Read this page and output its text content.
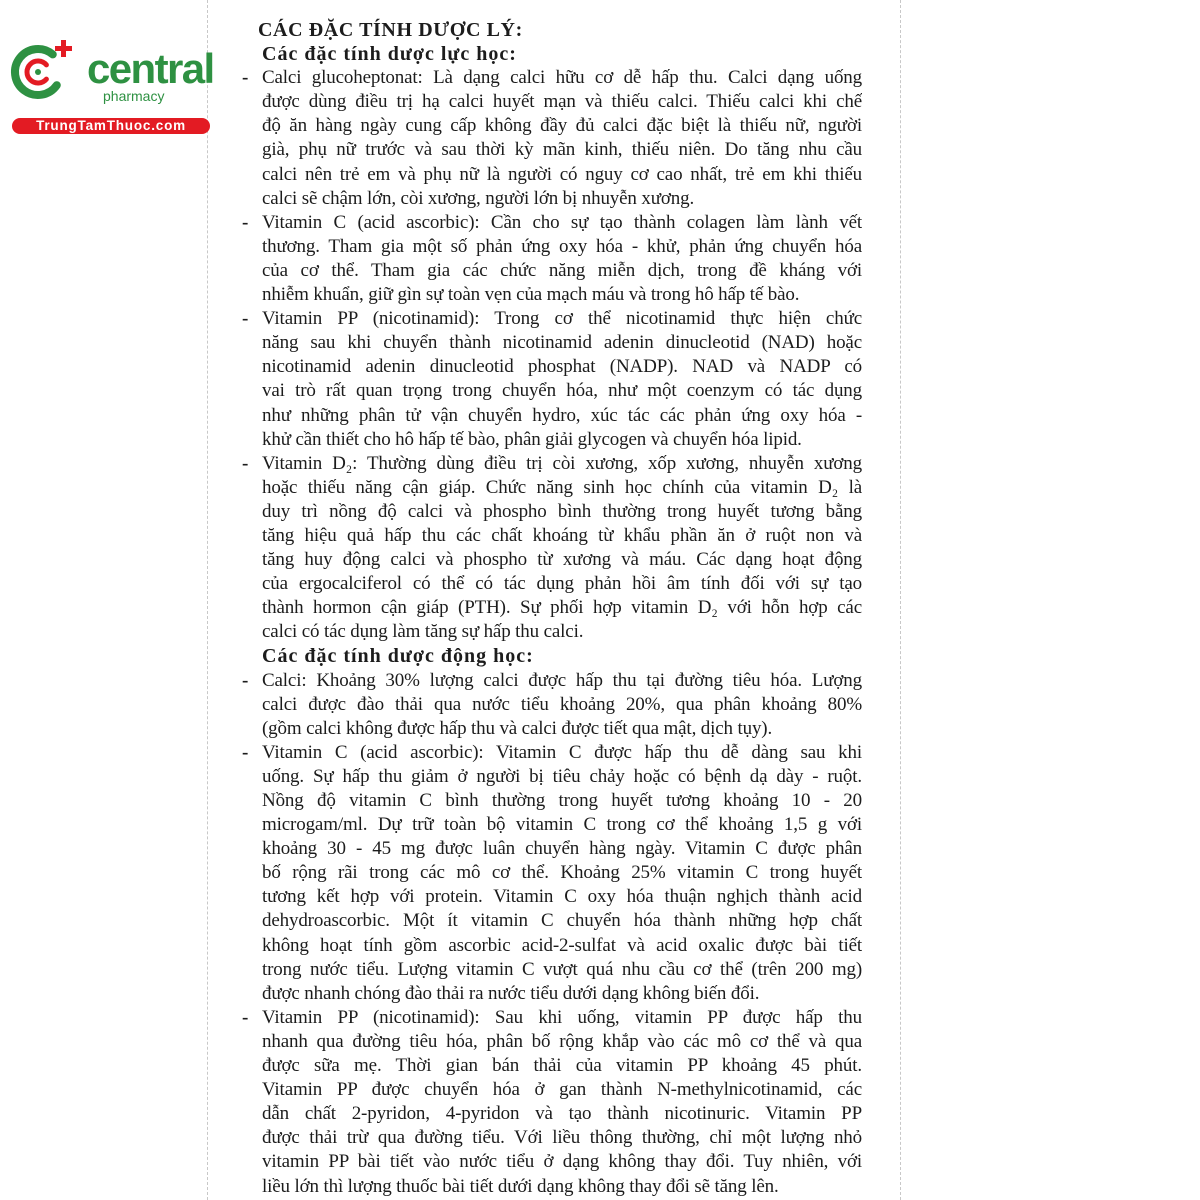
central
pharmacy
TrungTamThuoc.com
CÁC ĐẶC TÍNH DƯỢC LÝ:
Các đặc tính dược lực học:
- Calci glucoheptonat: Là dạng calci hữu cơ dễ hấp thu. Calci dạng uống
được dùng điều trị hạ calci huyết mạn và thiếu calci. Thiếu calci khi chế
độ ăn hàng ngày cung cấp không đầy đủ calci đặc biệt là thiếu nữ, người
già, phụ nữ trước và sau thời kỳ mãn kinh, thiếu niên. Do tăng nhu cầu
calci nên trẻ em và phụ nữ là người có nguy cơ cao nhất, trẻ em khi thiếu
calci sẽ chậm lớn, còi xương, người lớn bị nhuyễn xương.
- Vitamin C (acid ascorbic): Cần cho sự tạo thành colagen làm lành vết
thương. Tham gia một số phản ứng oxy hóa - khử, phản ứng chuyển hóa
của cơ thể. Tham gia các chức năng miễn dịch, trong đề kháng với
nhiễm khuẩn, giữ gìn sự toàn vẹn của mạch máu và trong hô hấp tế bào.
- Vitamin PP (nicotinamid): Trong cơ thể nicotinamid thực hiện chức
năng sau khi chuyển thành nicotinamid adenin dinucleotid (NAD) hoặc
nicotinamid adenin dinucleotid phosphat (NADP). NAD và NADP có
vai trò rất quan trọng trong chuyển hóa, như một coenzym có tác dụng
như những phân tử vận chuyển hydro, xúc tác các phản ứng oxy hóa -
khử cần thiết cho hô hấp tế bào, phân giải glycogen và chuyển hóa lipid.
- Vitamin D₂: Thường dùng điều trị còi xương, xốp xương, nhuyễn xương
hoặc thiếu năng cận giáp. Chức năng sinh học chính của vitamin D₂ là
duy trì nồng độ calci và phospho bình thường trong huyết tương bằng
tăng hiệu quả hấp thu các chất khoáng từ khẩu phần ăn ở ruột non và
tăng huy động calci và phospho từ xương và máu. Các dạng hoạt động
của ergocalciferol có thể có tác dụng phản hồi âm tính đối với sự tạo
thành hormon cận giáp (PTH). Sự phối hợp vitamin D₂ với hỗn hợp các
calci có tác dụng làm tăng sự hấp thu calci.
Các đặc tính dược động học:
- Calci: Khoảng 30% lượng calci được hấp thu tại đường tiêu hóa. Lượng
calci được đào thải qua nước tiểu khoảng 20%, qua phân khoảng 80%
(gồm calci không được hấp thu và calci được tiết qua mật, dịch tụy).
- Vitamin C (acid ascorbic): Vitamin C được hấp thu dễ dàng sau khi
uống. Sự hấp thu giảm ở người bị tiêu chảy hoặc có bệnh dạ dày - ruột.
Nồng độ vitamin C bình thường trong huyết tương khoảng 10 - 20
microgam/ml. Dự trữ toàn bộ vitamin C trong cơ thể khoảng 1,5 g với
khoảng 30 - 45 mg được luân chuyển hàng ngày. Vitamin C được phân
bố rộng rãi trong các mô cơ thể. Khoảng 25% vitamin C trong huyết
tương kết hợp với protein. Vitamin C oxy hóa thuận nghịch thành acid
dehydroascorbic. Một ít vitamin C chuyển hóa thành những hợp chất
không hoạt tính gồm ascorbic acid-2-sulfat và acid oxalic được bài tiết
trong nước tiểu. Lượng vitamin C vượt quá nhu cầu cơ thể (trên 200 mg)
được nhanh chóng đào thải ra nước tiểu dưới dạng không biến đổi.
- Vitamin PP (nicotinamid): Sau khi uống, vitamin PP được hấp thu
nhanh qua đường tiêu hóa, phân bố rộng khắp vào các mô cơ thể và qua
được sữa mẹ. Thời gian bán thải của vitamin PP khoảng 45 phút.
Vitamin PP được chuyển hóa ở gan thành N-methylnicotinamid, các
dẫn chất 2-pyridon, 4-pyridon và tạo thành nicotinuric. Vitamin PP
được thải trừ qua đường tiểu. Với liều thông thường, chỉ một lượng nhỏ
vitamin PP bài tiết vào nước tiểu ở dạng không thay đổi. Tuy nhiên, với
liều lớn thì lượng thuốc bài tiết dưới dạng không thay đổi sẽ tăng lên.
